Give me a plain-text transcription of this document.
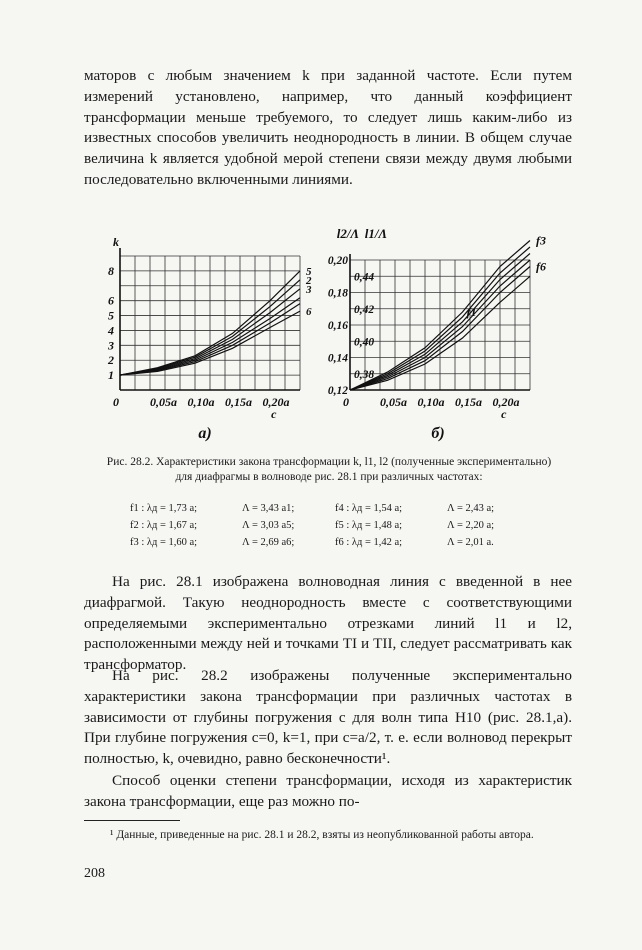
маторов с любым значением k при заданной частоте. Если путем измерений установлено, например, что данный коэффициент трансформации меньше требуемого, то следует лишь каким-либо из известных способов увеличить неоднородность в линии. В общем случае величина k является удобной мерой степени связи между двумя любыми последовательно включенными линиями.
k
1
2
3
4
5
6
8
0	0,05a 0,10a 0,15a 0,20a
c
а)
6
3
2
5
l2/Λ l1/Λ
0,12
0,14
0,16
0,18
0,20
0,38
0,40
0,42
0,44
0	0,05a 0,10a 0,15a 0,20a
c
б)
f1
f6
f3
Рис. 28.2. Характеристики закона трансформации k, l1, l2 (полученные экспериментально) для диафрагмы в волноводе рис. 28.1 при различных частотах:
f1 : λд = 1,73 a;	Λ = 3,43 a1;	f4 : λд = 1,54 a;	Λ = 2,43 a;
f2 : λд = 1,67 a;	Λ = 3,03 a5;	f5 : λд = 1,48 a;	Λ = 2,20 a;
f3 : λд = 1,60 a;	Λ = 2,69 a6;	f6 : λд = 1,42 a;	Λ = 2,01 a.
На рис. 28.1 изображена волноводная линия с введенной в нее диафрагмой. Такую неоднородность вместе с соответствующими определяемыми экспериментально отрезками линий l1 и l2, расположенными между ней и точками TI и TII, следует рассматривать как трансформатор.
На рис. 28.2 изображены полученные экспериментально характеристики закона трансформации при различных частотах в зависимости от глубины погружения c для волн типа H10 (рис. 28.1,a). При глубине погружения c=0, k=1, при c=a/2, т. е. если волновод перекрыт полностью, k, очевидно, равно бесконечности¹.
Способ оценки степени трансформации, исходя из характеристик закона трансформации, еще раз можно по-
¹ Данные, приведенные на рис. 28.1 и 28.2, взяты из неопубликованной работы автора.
208
